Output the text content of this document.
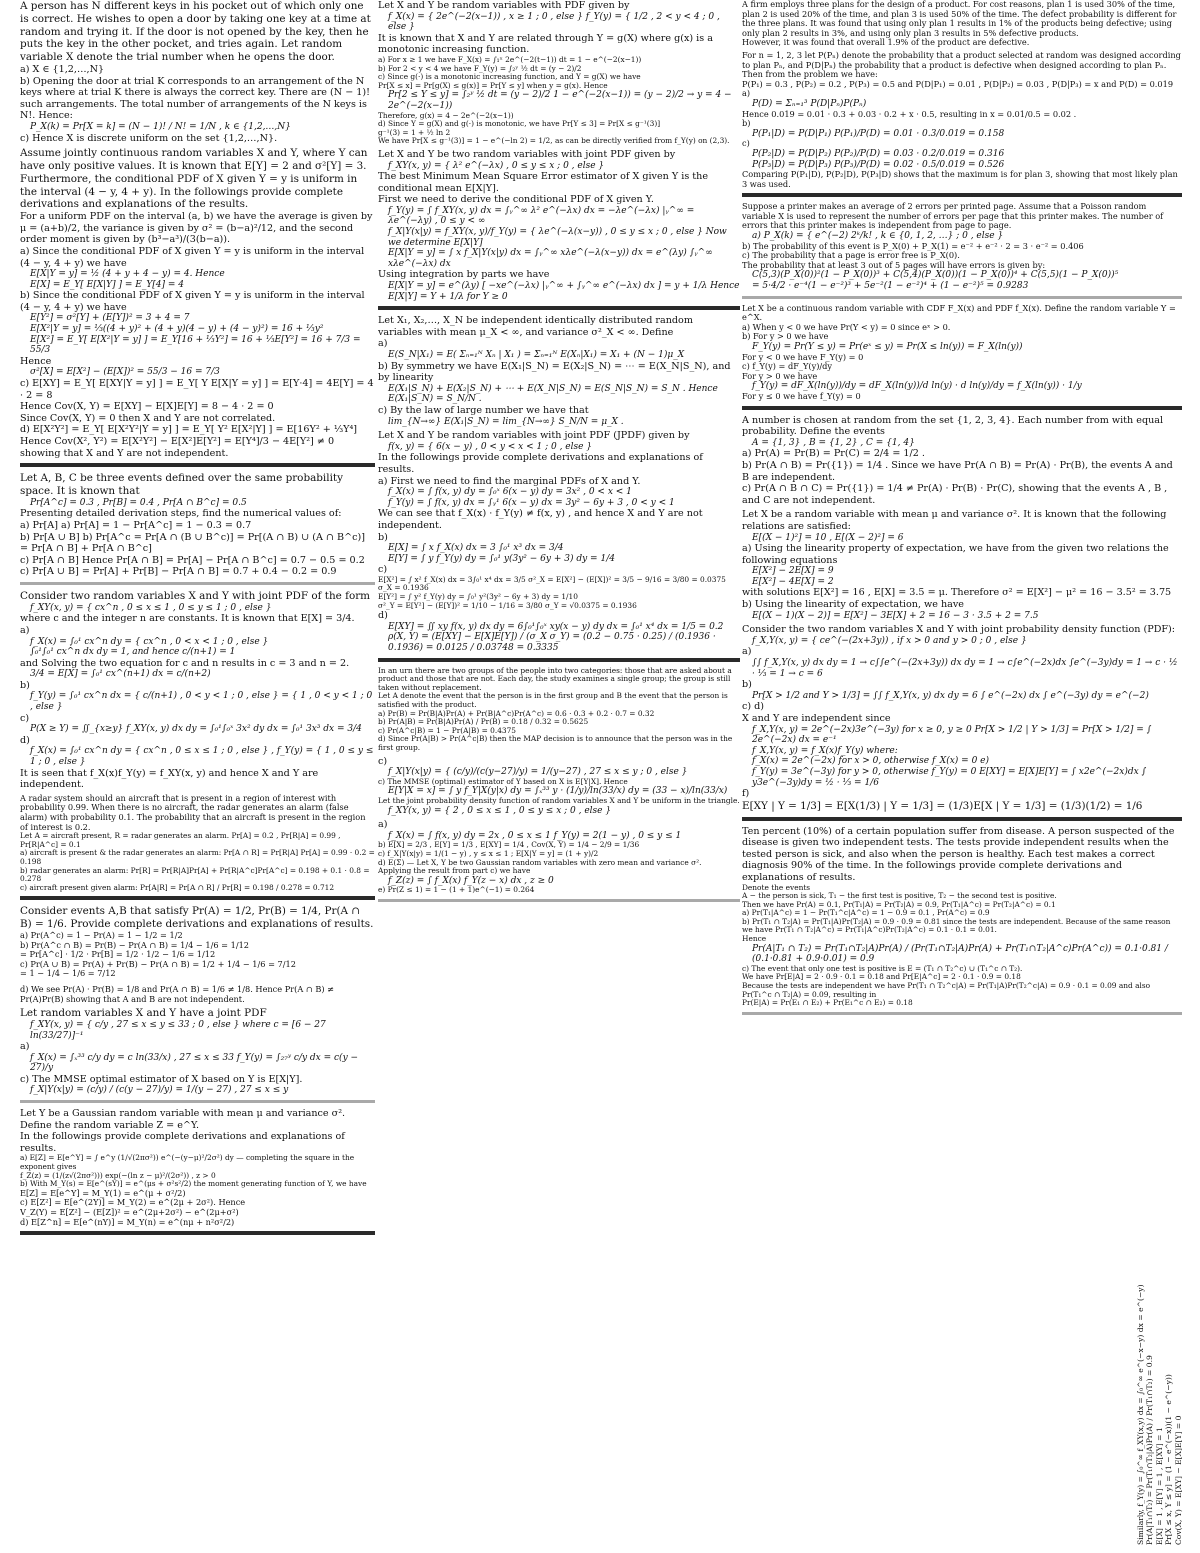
A person has N different keys in his pocket out of which only one is correct. He wishes to open a door by taking one key at a time at random and trying it. If the door is not opened by the key, then he puts the key in the other pocket, and tries again. Let random variable X denote the trial number when he opens the door.
a) X ∈ {1,2,…,N}
b) Opening the door at trial K corresponds to an arrangement of the N keys where at trial K there is always the correct key. There are (N − 1)! such arrangements. The total number of arrangements of the N keys is N!. Hence:
P_X(k) = Pr[X = k] = (N − 1)! / N! = 1/N , k ∈ {1,2,…,N}
c) Hence X is discrete uniform on the set {1,2,…,N}.
Assume jointly continuous random variables X and Y, where Y can have only positive values. It is known that E[Y] = 2 and σ²[Y] = 3. Furthermore, the conditional PDF of X given Y = y is uniform in the interval (4 − y, 4 + y). In the followings provide complete derivations and explanations of the results.
For a uniform PDF on the interval (a, b) we have the average is given by μ = (a+b)/2, the variance is given by σ² = (b−a)²/12, and the second order moment is given by (b³−a³)/(3(b−a)).
a) Since the conditional PDF of X given Y = y is uniform in the interval (4 − y, 4 + y) we have
E[X|Y = y] = ½ (4 + y + 4 − y) = 4. Hence
E[X] = E_Y[ E[X|Y] ] = E_Y[4] = 4
b) Since the conditional PDF of X given Y = y is uniform in the interval (4 − y, 4 + y) we have
E[Y²] = σ²[Y] + (E[Y])² = 3 + 4 = 7
E[X²|Y = y] = ⅓((4 + y)² + (4 + y)(4 − y) + (4 − y)²) = 16 + ⅓y²
E[X²] = E_Y[ E[X²|Y = y] ] = E_Y[16 + ⅓Y²] = 16 + ⅓E[Y²] = 16 + 7/3 = 55/3
Hence
σ²[X] = E[X²] − (E[X])² = 55/3 − 16 = 7/3
c) E[XY] = E_Y[ E[XY|Y = y] ] = E_Y[ Y E[X|Y = y] ] = E[Y·4] = 4E[Y] = 4 · 2 = 8
Hence Cov(X, Y) = E[XY] − E[X]E[Y] = 8 − 4 · 2 = 0
Since Cov(X, Y) = 0 then X and Y are not correlated.
d) E[X²Y²] = E_Y[ E[X²Y²|Y = y] ] = E_Y[ Y² E[X²|Y] ] = E[16Y² + ⅓Y⁴]
Hence Cov(X², Y²) = E[X²Y²] − E[X²]E[Y²] = E[Y⁴]/3 − 4E[Y²] ≠ 0
showing that X and Y are not independent.
Let A, B, C be three events defined over the same probability space. It is known that
Pr[A^c] = 0.3 , Pr[B] = 0.4 , Pr[A ∩ B^c] = 0.5
Presenting detailed derivation steps, find the numerical values of:
a) Pr[A] a) Pr[A] = 1 − Pr[A^c] = 1 − 0.3 = 0.7
b) Pr[A ∪ B] b) Pr[A^c = Pr[A ∩ (B ∪ B^c)] = Pr[(A ∩ B) ∪ (A ∩ B^c)] = Pr[A ∩ B] + Pr[A ∩ B^c]
c) Pr[A ∩ B] Hence Pr[A ∩ B] = Pr[A] − Pr[A ∩ B^c] = 0.7 − 0.5 = 0.2
c) Pr[A ∪ B] = Pr[A] + Pr[B] − Pr[A ∩ B] = 0.7 + 0.4 − 0.2 = 0.9
Consider two random variables X and Y with joint PDF of the form
f_XY(x, y) = { cx^n , 0 ≤ x ≤ 1 , 0 ≤ y ≤ 1 ; 0 , else }
where c and the integer n are constants. It is known that E[X] = 3/4.
a)
f_X(x) = ∫₀¹ cx^n dy = { cx^n , 0 < x < 1 ; 0 , else }
∫₀¹∫₀¹ cx^n dx dy = 1, and hence c/(n+1) = 1
and Solving the two equation for c and n results in c = 3 and n = 2.
3/4 = E[X] = ∫₀¹ cx^(n+1) dx = c/(n+2)
b)
f_Y(y) = ∫₀¹ cx^n dx = { c/(n+1) , 0 < y < 1 ; 0 , else } = { 1 , 0 < y < 1 ; 0 , else }
c)
P(X ≥ Y) = ∬_{x≥y} f_XY(x, y) dx dy = ∫₀¹∫₀ˣ 3x² dy dx = ∫₀¹ 3x³ dx = 3/4
d)
f_X(x) = ∫₀¹ cx^n dy = { cx^n , 0 ≤ x ≤ 1 ; 0 , else } , f_Y(y) = { 1 , 0 ≤ y ≤ 1 ; 0 , else }
It is seen that f_X(x)f_Y(y) = f_XY(x, y) and hence X and Y are independent.
A radar system should an aircraft that is present in a region of interest with probability 0.99. When there is no aircraft, the radar generates an alarm (false alarm) with probability 0.1. The probability that an aircraft is present in the region of interest is 0.2.
Let A = aircraft present, R = radar generates an alarm. Pr[A] = 0.2 , Pr[R|A] = 0.99 , Pr[R|A^c] = 0.1
a) aircraft is present & the radar generates an alarm: Pr[A ∩ R] = Pr[R|A] Pr[A] = 0.99 · 0.2 = 0.198
b) radar generates an alarm: Pr[R] = Pr[R|A]Pr[A] + Pr[R|A^c]Pr[A^c] = 0.198 + 0.1 · 0.8 = 0.278
c) aircraft present given alarm: Pr[A|R] = Pr[A ∩ R] / Pr[R] = 0.198 / 0.278 = 0.712
Consider events A,B that satisfy Pr(A) = 1/2, Pr(B) = 1/4, Pr(A ∩ B) = 1/6. Provide complete derivations and explanations of results.
a) Pr(A^c) = 1 − Pr(A) = 1 − 1/2 = 1/2
b) Pr(A^c ∩ B) = Pr(B) − Pr(A ∩ B) = 1/4 − 1/6 = 1/12
= Pr[A^c] · 1/2 · Pr[B] = 1/2 · 1/2 − 1/6 = 1/12
c) Pr(A ∪ B) = Pr(A) + Pr(B) − Pr(A ∩ B) = 1/2 + 1/4 − 1/6 = 7/12
= 1 − 1/4 − 1/6 = 7/12
d) We see Pr(A) · Pr(B) = 1/8 and Pr(A ∩ B) = 1/6 ≠ 1/8. Hence Pr(A ∩ B) ≠ Pr(A)Pr(B) showing that A and B are not independent.
Let random variables X and Y have a joint PDF
f_XY(x, y) = { c/y , 27 ≤ x ≤ y ≤ 33 ; 0 , else } where c = [6 − 27 ln(33/27)]⁻¹
a)
f_X(x) = ∫ₓ³³ c/y dy = c ln(33/x) , 27 ≤ x ≤ 33 f_Y(y) = ∫₂₇ʸ c/y dx = c(y − 27)/y
c) The MMSE optimal estimator of X based on Y is E[X|Y].
f_X|Y(x|y) = (c/y) / (c(y − 27)/y) = 1/(y − 27) , 27 ≤ x ≤ y
Let Y be a Gaussian random variable with mean μ and variance σ². Define the random variable Z = e^Y.
In the followings provide complete derivations and explanations of results.
a) E[Z] = E[e^Y] = ∫ e^y (1/√(2πσ²)) e^(−(y−μ)²/2σ²) dy — completing the square in the exponent gives
f_Z(z) = (1/(z√(2πσ²))) exp(−(ln z − μ)²/(2σ²)) , z > 0
b) With M_Y(s) = E[e^(sY)] = e^(μs + σ²s²/2) the moment generating function of Y, we have
E[Z] = E[e^Y] = M_Y(1) = e^(μ + σ²/2)
c) E[Z²] = E[e^(2Y)] = M_Y(2) = e^(2μ + 2σ²). Hence
V_Z(Y) = E[Z²] − (E[Z])² = e^(2μ+2σ²) − e^(2μ+σ²)
d) E[Z^n] = E[e^(nY)] = M_Y(n) = e^(nμ + n²σ²/2)
Let X and Y be random variables with PDF given by
f_X(x) = { 2e^(−2(x−1)) , x ≥ 1 ; 0 , else } f_Y(y) = { 1/2 , 2 < y < 4 ; 0 , else }
It is known that X and Y are related through Y = g(X) where g(x) is a monotonic increasing function.
a) For x ≥ 1 we have F_X(x) = ∫₁ˣ 2e^(−2(t−1)) dt = 1 − e^(−2(x−1))
b) For 2 < y < 4 we have F_Y(y) = ∫₂ʸ ½ dt = (y − 2)/2
c) Since g(·) is a monotonic increasing function, and Y = g(X) we have
Pr[X ≤ x] = Pr[g(X) ≤ g(x)] = Pr[Y ≤ y] when y = g(x). Hence
Pr[2 ≤ Y ≤ y] = ∫₂ʸ ½ dt = (y − 2)/2 1 − e^(−2(x−1)) = (y − 2)/2 → y = 4 − 2e^(−2(x−1))
Therefore, g(x) = 4 − 2e^(−2(x−1))
d) Since Y = g(X) and g(·) is monotonic, we have Pr[Y ≤ 3] = Pr[X ≤ g⁻¹(3)]
g⁻¹(3) = 1 + ½ ln 2
We have Pr[X ≤ g⁻¹(3)] = 1 − e^(−ln 2) = 1/2, as can be directly verified from f_Y(y) on (2,3).
Let X and Y be two random variables with joint PDF given by
f_XY(x, y) = { λ² e^(−λx) , 0 ≤ y ≤ x ; 0 , else }
The best Minimum Mean Square Error estimator of X given Y is the conditional mean E[X|Y].
First we need to derive the conditional PDF of X given Y.
f_Y(y) = ∫ f_XY(x, y) dx = ∫ᵧ^∞ λ² e^(−λx) dx = −λe^(−λx) |ᵧ^∞ = λe^(−λy) , 0 ≤ y < ∞
f_X|Y(x|y) = f_XY(x, y)/f_Y(y) = { λe^(−λ(x−y)) , 0 ≤ y ≤ x ; 0 , else } Now we determine E[X|Y]
E[X|Y = y] = ∫ x f_X|Y(x|y) dx = ∫ᵧ^∞ xλe^(−λ(x−y)) dx = e^(λy) ∫ᵧ^∞ xλe^(−λx) dx
Using integration by parts we have
E[X|Y = y] = e^(λy) [ −xe^(−λx) |ᵧ^∞ + ∫ᵧ^∞ e^(−λx) dx ] = y + 1/λ Hence E[X|Y] = Y + 1/λ for Y ≥ 0
Let X₁, X₂,…, X_N be independent identically distributed random variables with mean μ_X < ∞, and variance σ²_X < ∞. Define
a)
E(S_N|X₁) = E( Σₙ₌₁ᴺ Xₙ | X₁ ) = Σₙ₌₁ᴺ E(Xₙ|X₁) = X₁ + (N − 1)μ_X
b) By symmetry we have E(X₁|S_N) = E(X₂|S_N) = ⋯ = E(X_N|S_N), and by linearity
E(X₁|S_N) + E(X₂|S_N) + ⋯ + E(X_N|S_N) = E(S_N|S_N) = S_N . Hence E(X₁|S_N) = S_N/N .
c) By the law of large number we have that
lim_{N→∞} E(X₁|S_N) = lim_{N→∞} S_N/N = μ_X .
Let X and Y be random variables with joint PDF (JPDF) given by
f(x, y) = { 6(x − y) , 0 < y < x < 1 ; 0 , else }
In the followings provide complete derivations and explanations of results.
a) First we need to find the marginal PDFs of X and Y.
f_X(x) = ∫ f(x, y) dy = ∫₀ˣ 6(x − y) dy = 3x² , 0 < x < 1
f_Y(y) = ∫ f(x, y) dx = ∫ᵧ¹ 6(x − y) dx = 3y² − 6y + 3 , 0 < y < 1
We can see that f_X(x) · f_Y(y) ≠ f(x, y) , and hence X and Y are not independent.
b)
E[X] = ∫ x f_X(x) dx = 3 ∫₀¹ x³ dx = 3/4
E[Y] = ∫ y f_Y(y) dy = ∫₀¹ y(3y² − 6y + 3) dy = 1/4
c)
E[X²] = ∫ x² f_X(x) dx = 3∫₀¹ x⁴ dx = 3/5 σ²_X = E[X²] − (E[X])² = 3/5 − 9/16 = 3/80 = 0.0375 σ_X = 0.1936
E[Y²] = ∫ y² f_Y(y) dy = ∫₀¹ y²(3y² − 6y + 3) dy = 1/10
σ²_Y = E[Y²] − (E[Y])² = 1/10 − 1/16 = 3/80 σ_Y = √0.0375 = 0.1936
d)
E[XY] = ∬ xy f(x, y) dx dy = 6∫₀¹∫₀ˣ xy(x − y) dy dx = ∫₀¹ x⁴ dx = 1/5 = 0.2
ρ(X, Y) = (E[XY] − E[X]E[Y]) / (σ_X σ_Y) = (0.2 − 0.75 · 0.25) / (0.1936 · 0.1936) = 0.0125 / 0.03748 = 0.3335
In an urn there are two groups of the people into two categories: those that are asked about a product and those that are not. Each day, the study examines a single group; the group is still taken without replacement.
Let A denote the event that the person is in the first group and B the event that the person is satisfied with the product.
a) Pr(B) = Pr(B|A)Pr(A) + Pr(B|A^c)Pr(A^c) = 0.6 · 0.3 + 0.2 · 0.7 = 0.32
b) Pr(A|B) = Pr(B|A)Pr(A) / Pr(B) = 0.18 / 0.32 = 0.5625
c) Pr(A^c|B) = 1 − Pr(A|B) = 0.4375
d) Since Pr(A|B) > Pr(A^c|B) then the MAP decision is to announce that the person was in the first group.
c)
f_X|Y(x|y) = { (c/y)/(c(y−27)/y) = 1/(y−27) , 27 ≤ x ≤ y ; 0 , else }
c) The MMSE (optimal) estimator of Y based on X is E[Y|X]. Hence
E[Y|X = x] = ∫ y f_Y|X(y|x) dy = ∫ₓ³³ y · (1/y)/ln(33/x) dy = (33 − x)/ln(33/x)
Let the joint probability density function of random variables X and Y be uniform in the triangle.
f_XY(x, y) = { 2 , 0 ≤ x ≤ 1 , 0 ≤ y ≤ x ; 0 , else }
a)
f_X(x) = ∫ f(x, y) dy = 2x , 0 ≤ x ≤ 1 f_Y(y) = 2(1 − y) , 0 ≤ y ≤ 1
b) E[X] = 2/3 , E[Y] = 1/3 , E[XY] = 1/4 , Cov(X, Y) = 1/4 − 2/9 = 1/36
c) f_X|Y(x|y) = 1/(1 − y) , y ≤ x ≤ 1 ; E[X|Y = y] = (1 + y)/2
d) E(Σ) — Let X, Y be two Gaussian random variables with zero mean and variance σ².
Applying the result from part c) we have
f_Z(z) = ∫ f_X(x) f_Y(z − x) dx , z ≥ 0
e) Pr(Z ≤ 1) = 1 − (1 + 1)e^(−1) = 0.264
A firm employs three plans for the design of a product. For cost reasons, plan 1 is used 30% of the time, plan 2 is used 20% of the time, and plan 3 is used 50% of the time. The defect probability is different for the three plans. It was found that using only plan 1 results in 1% of the products being defective; using only plan 2 results in 3%, and using only plan 3 results in 5% defective products.
However, it was found that overall 1.9% of the product are defective.
For n = 1, 2, 3 let P(Pₙ) denote the probability that a product selected at random was designed according to plan Pₙ, and P(D|Pₙ) the probability that a product is defective when designed according to plan Pₙ. Then from the problem we have:
P(P₁) = 0.3 , P(P₂) = 0.2 , P(P₃) = 0.5 and P(D|P₁) = 0.01 , P(D|P₂) = 0.03 , P(D|P₃) = x and P(D) = 0.019
a)
P(D) = Σₙ₌₁³ P(D|Pₙ)P(Pₙ)
Hence 0.019 = 0.01 · 0.3 + 0.03 · 0.2 + x · 0.5, resulting in x = 0.01/0.5 = 0.02 .
b)
P(P₁|D) = P(D|P₁) P(P₁)/P(D) = 0.01 · 0.3/0.019 = 0.158
c)
P(P₂|D) = P(D|P₂) P(P₂)/P(D) = 0.03 · 0.2/0.019 = 0.316
P(P₃|D) = P(D|P₃) P(P₃)/P(D) = 0.02 · 0.5/0.019 = 0.526
Comparing P(P₁|D), P(P₂|D), P(P₃|D) shows that the maximum is for plan 3, showing that most likely plan 3 was used.
Suppose a printer makes an average of 2 errors per printed page. Assume that a Poisson random variable X is used to represent the number of errors per page that this printer makes. The number of errors that this printer makes is independent from page to page.
a) P_X(k) = { e^(−2) 2ᵏ/k! , k ∈ {0, 1, 2, …} ; 0 , else }
b) The probability of this event is P_X(0) + P_X(1) = e⁻² + e⁻² · 2 = 3 · e⁻² = 0.406
c) The probability that a page is error free is P_X(0).
The probability that at least 3 out of 5 pages will have errors is given by:
C(5,3)(P_X(0))²(1 − P_X(0))³ + C(5,4)(P_X(0))(1 − P_X(0))⁴ + C(5,5)(1 − P_X(0))⁵
= 5·4/2 · e⁻⁴(1 − e⁻²)³ + 5e⁻²(1 − e⁻²)⁴ + (1 − e⁻²)⁵ = 0.9283
Let X be a continuous random variable with CDF F_X(x) and PDF f_X(x). Define the random variable Y = e^X.
a) When y < 0 we have Pr(Y < y) = 0 since eˣ > 0.
b) For y > 0 we have
F_Y(y) = Pr(Y ≤ y) = Pr(eˣ ≤ y) = Pr(X ≤ ln(y)) = F_X(ln(y))
For y < 0 we have F_Y(y) = 0
c) f_Y(y) = dF_Y(y)/dy
For y > 0 we have
f_Y(y) = dF_X(ln(y))/dy = dF_X(ln(y))/d ln(y) · d ln(y)/dy = f_X(ln(y)) · 1/y
For y ≤ 0 we have f_Y(y) = 0
A number is chosen at random from the set {1, 2, 3, 4}. Each number from with equal probability. Define the events
A = {1, 3} , B = {1, 2} , C = {1, 4}
a) Pr(A) = Pr(B) = Pr(C) = 2/4 = 1/2 .
b) Pr(A ∩ B) = Pr({1}) = 1/4 . Since we have Pr(A ∩ B) = Pr(A) · Pr(B), the events A and B are independent.
c) Pr(A ∩ B ∩ C) = Pr({1}) = 1/4 ≠ Pr(A) · Pr(B) · Pr(C), showing that the events A , B , and C are not independent.
Let X be a random variable with mean μ and variance σ². It is known that the following relations are satisfied:
E[(X − 1)²] = 10 , E[(X − 2)²] = 6
a) Using the linearity property of expectation, we have from the given two relations the following equations
E[X²] − 2E[X] = 9
E[X²] − 4E[X] = 2
with solutions E[X²] = 16 , E[X] = 3.5 = μ. Therefore σ² = E[X²] − μ² = 16 − 3.5² = 3.75
b) Using the linearity of expectation, we have
E[(X − 1)(X − 2)] = E[X²] − 3E[X] + 2 = 16 − 3 · 3.5 + 2 = 7.5
Consider the two random variables X and Y with joint probability density function (PDF):
f_X,Y(x, y) = { ce^(−(2x+3y)) , if x > 0 and y > 0 ; 0 , else }
a)
∫∫ f_X,Y(x, y) dx dy = 1 → c∫∫e^(−(2x+3y)) dx dy = 1 → c∫e^(−2x)dx ∫e^(−3y)dy = 1 → c · ½ · ⅓ = 1 → c = 6
b)
Pr[X > 1/2 and Y > 1/3] = ∫∫ f_X,Y(x, y) dx dy = 6 ∫ e^(−2x) dx ∫ e^(−3y) dy = e^(−2)
c) d)
X and Y are independent since
f_X,Y(x, y) = 2e^(−2x)3e^(−3y) for x ≥ 0, y ≥ 0 Pr[X > 1/2 | Y > 1/3] = Pr[X > 1/2] = ∫ 2e^(−2x) dx = e⁻¹
f_X,Y(x, y) = f_X(x)f_Y(y) where:
f_X(x) = 2e^(−2x) for x > 0, otherwise f_X(x) = 0 e)
f_Y(y) = 3e^(−3y) for y > 0, otherwise f_Y(y) = 0 E[XY] = E[X]E[Y] = ∫ x2e^(−2x)dx ∫ y3e^(−3y)dy = ½ · ⅓ = 1/6
f)
E[XY | Y = 1/3] = E[X(1/3) | Y = 1/3] = (1/3)E[X | Y = 1/3] = (1/3)(1/2) = 1/6
Ten percent (10%) of a certain population suffer from disease. A person suspected of the disease is given two independent tests. The tests provide independent results when the tested person is sick, and also when the person is healthy. Each test makes a correct diagnosis 90% of the time. In the followings provide complete derivations and explanations of results.
Denote the events
A − the person is sick, T₁ − the first test is positive, T₂ − the second test is positive.
Then we have Pr(A) = 0.1, Pr(T₁|A) = Pr(T₂|A) = 0.9, Pr(T₁|A^c) = Pr(T₂|A^c) = 0.1
a) Pr(T₁|A^c) = 1 − Pr(T₁^c|A^c) = 1 − 0.9 = 0.1 , Pr(A^c) = 0.9
b) Pr(T₁ ∩ T₂|A) = Pr(T₁|A)Pr(T₂|A) = 0.9 · 0.9 = 0.81 since the tests are independent. Because of the same reason we have Pr(T₁ ∩ T₂|A^c) = Pr(T₁|A^c)Pr(T₂|A^c) = 0.1 · 0.1 = 0.01.
Hence
Pr(A|T₁ ∩ T₂) = Pr(T₁∩T₂|A)Pr(A) / (Pr(T₁∩T₂|A)Pr(A) + Pr(T₁∩T₂|A^c)Pr(A^c)) = 0.1·0.81 / (0.1·0.81 + 0.9·0.01) = 0.9
c) The event that only one test is positive is E = (T₁ ∩ T₂^c) ∪ (T₁^c ∩ T₂).
We have Pr[E|A] = 2 · 0.9 · 0.1 = 0.18 and Pr[E|A^c] = 2 · 0.1 · 0.9 = 0.18
Because the tests are independent we have Pr(T₁ ∩ T₂^c|A) = Pr(T₁|A)Pr(T₂^c|A) = 0.9 · 0.1 = 0.09 and also Pr(T₁^c ∩ T₂|A) = 0.09, resulting in
Pr(E|A) = Pr(E₁ ∩ E₂) + Pr(E₁^c ∩ E₂) = 0.18
Similarly, f_Y(y) = ∫₀^∞ f_XY(x,y) dx = ∫₀^∞ e^(−x−y) dx = e^(−y) Pr(A|T₁∩T₂) = Pr(T₁∩T₂|A)Pr(A) / Pr(T₁∩T₂) = 0.9 E[X] = 1 , E[Y] = 1 , E[XY] = 1 Pr[X ≤ x, Y ≤ y] = (1 − e^(−x))(1 − e^(−y)) Cov(X, Y) = E[XY] − E[X]E[Y] = 0
